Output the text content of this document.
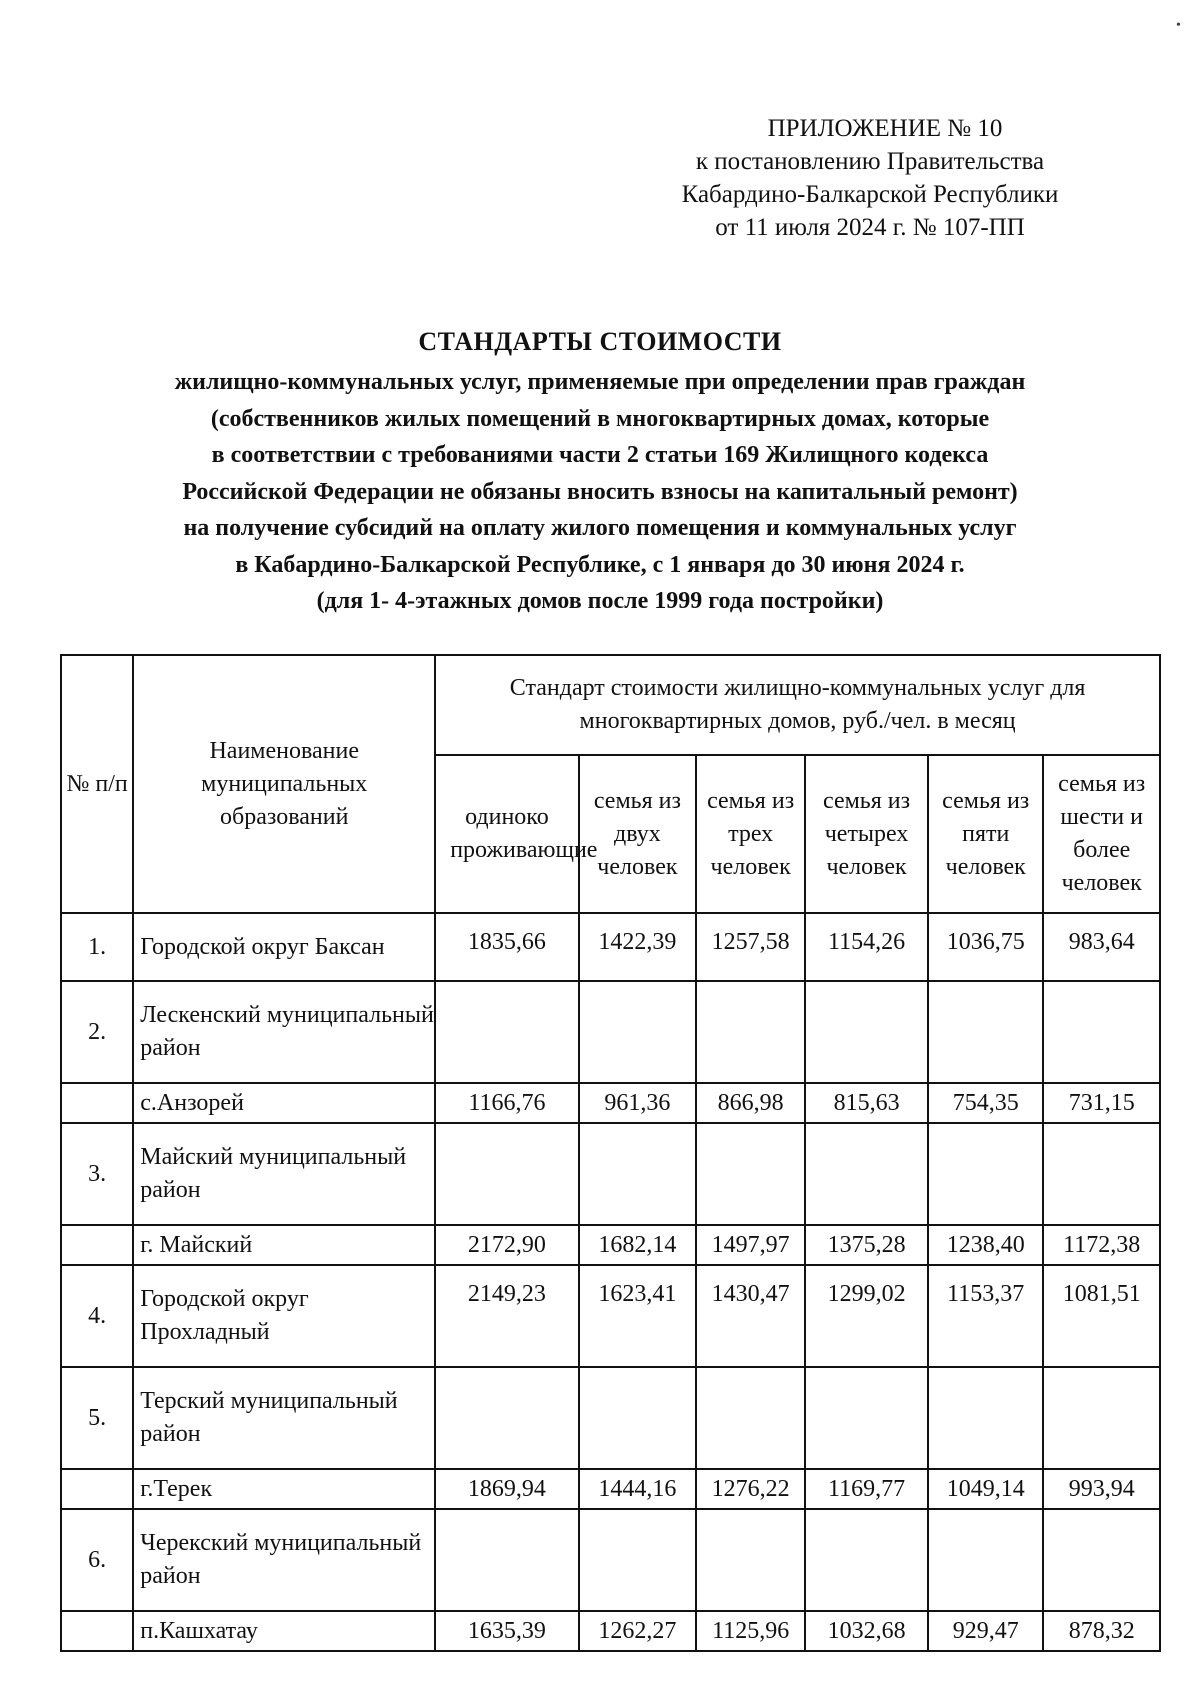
ПРИЛОЖЕНИЕ № 10
к постановлению Правительства
Кабардино-Балкарской Республики
от 11 июля 2024 г. № 107-ПП
СТАНДАРТЫ СТОИМОСТИ
жилищно-коммунальных услуг, применяемые при определении прав граждан
(собственников жилых помещений в многоквартирных домах, которые
в соответствии с требованиями части 2 статьи 169 Жилищного кодекса
Российской Федерации не обязаны вносить взносы на капитальный ремонт)
на получение субсидий на оплату жилого помещения и коммунальных услуг
в Кабардино-Балкарской Республике, с 1 января до 30 июня 2024 г.
(для 1- 4-этажных домов после 1999 года постройки)
№ п/п	Наименование муниципальных образований	Стандарт стоимости жилищно-коммунальных услуг для многоквартирных домов, руб./чел. в месяц					
		одиноко проживающие	семья из двух человек	семья из трех человек	семья из четырех человек	семья из пяти человек	семья из шести и более человек
1.	Городской округ Баксан	1835,66	1422,39	1257,58	1154,26	1036,75	983,64
2.	Лескенский муниципальный район						
	с.Анзорей	1166,76	961,36	866,98	815,63	754,35	731,15
3.	Майский муниципальный район						
	г. Майский	2172,90	1682,14	1497,97	1375,28	1238,40	1172,38
4.	Городской округ Прохладный	2149,23	1623,41	1430,47	1299,02	1153,37	1081,51
5.	Терский муниципальный район						
	г.Терек	1869,94	1444,16	1276,22	1169,77	1049,14	993,94
6.	Черекский муниципальный район						
	п.Кашхатау	1635,39	1262,27	1125,96	1032,68	929,47	878,32
•
